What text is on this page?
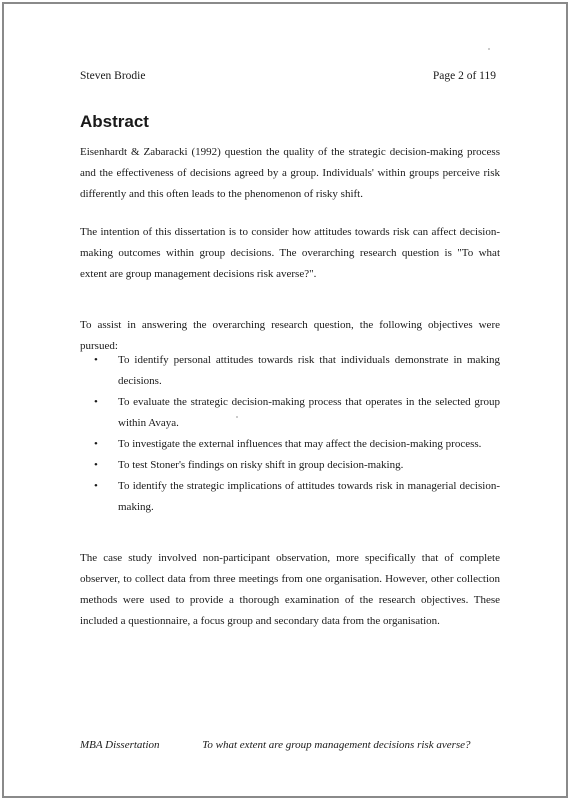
Steven Brodie	Page 2 of 119
Abstract

Eisenhardt & Zabaracki (1992) question the quality of the strategic decision-making process and the effectiveness of decisions agreed by a group. Individuals' within groups perceive risk differently and this often leads to the phenomenon of risky shift.

The intention of this dissertation is to consider how attitudes towards risk can affect decision-making outcomes within group decisions. The overarching research question is "To what extent are group management decisions risk averse?".

To assist in answering the overarching research question, the following objectives were pursued:

• To identify personal attitudes towards risk that individuals demonstrate in making decisions.
• To evaluate the strategic decision-making process that operates in the selected group within Avaya.
• To investigate the external influences that may affect the decision-making process.
• To test Stoner's findings on risky shift in group decision-making.
• To identify the strategic implications of attitudes towards risk in managerial decision-making.

The case study involved non-participant observation, more specifically that of complete observer, to collect data from three meetings from one organisation. However, other collection methods were used to provide a thorough examination of the research objectives. These included a questionnaire, a focus group and secondary data from the organisation.

MBA Dissertation	To what extent are group management decisions risk averse?
